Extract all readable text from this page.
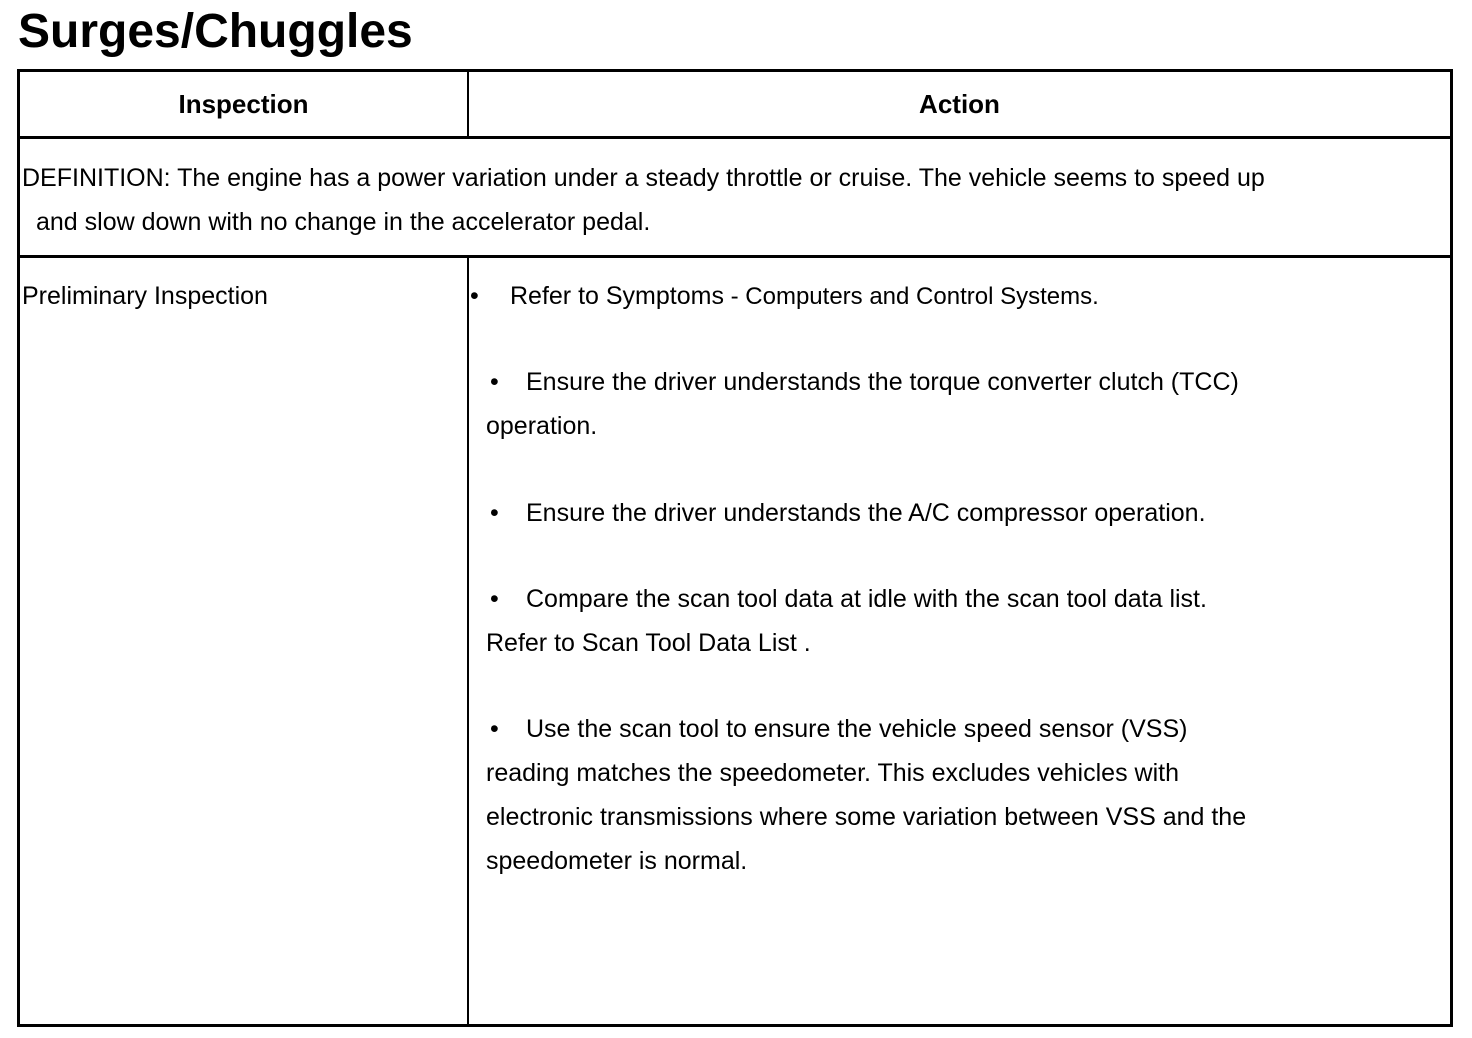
Surges/Chuggles
Inspection	Action
DEFINITION: The engine has a power variation under a steady throttle or cruise. The vehicle seems to speed up
and slow down with no change in the accelerator pedal.
Preliminary Inspection	• Refer to Symptoms - Computers and Control Systems.
• Ensure the driver understands the torque converter clutch (TCC)
operation.
• Ensure the driver understands the A/C compressor operation.
• Compare the scan tool data at idle with the scan tool data list.
Refer to Scan Tool Data List .
• Use the scan tool to ensure the vehicle speed sensor (VSS)
reading matches the speedometer. This excludes vehicles with
electronic transmissions where some variation between VSS and the
speedometer is normal.
